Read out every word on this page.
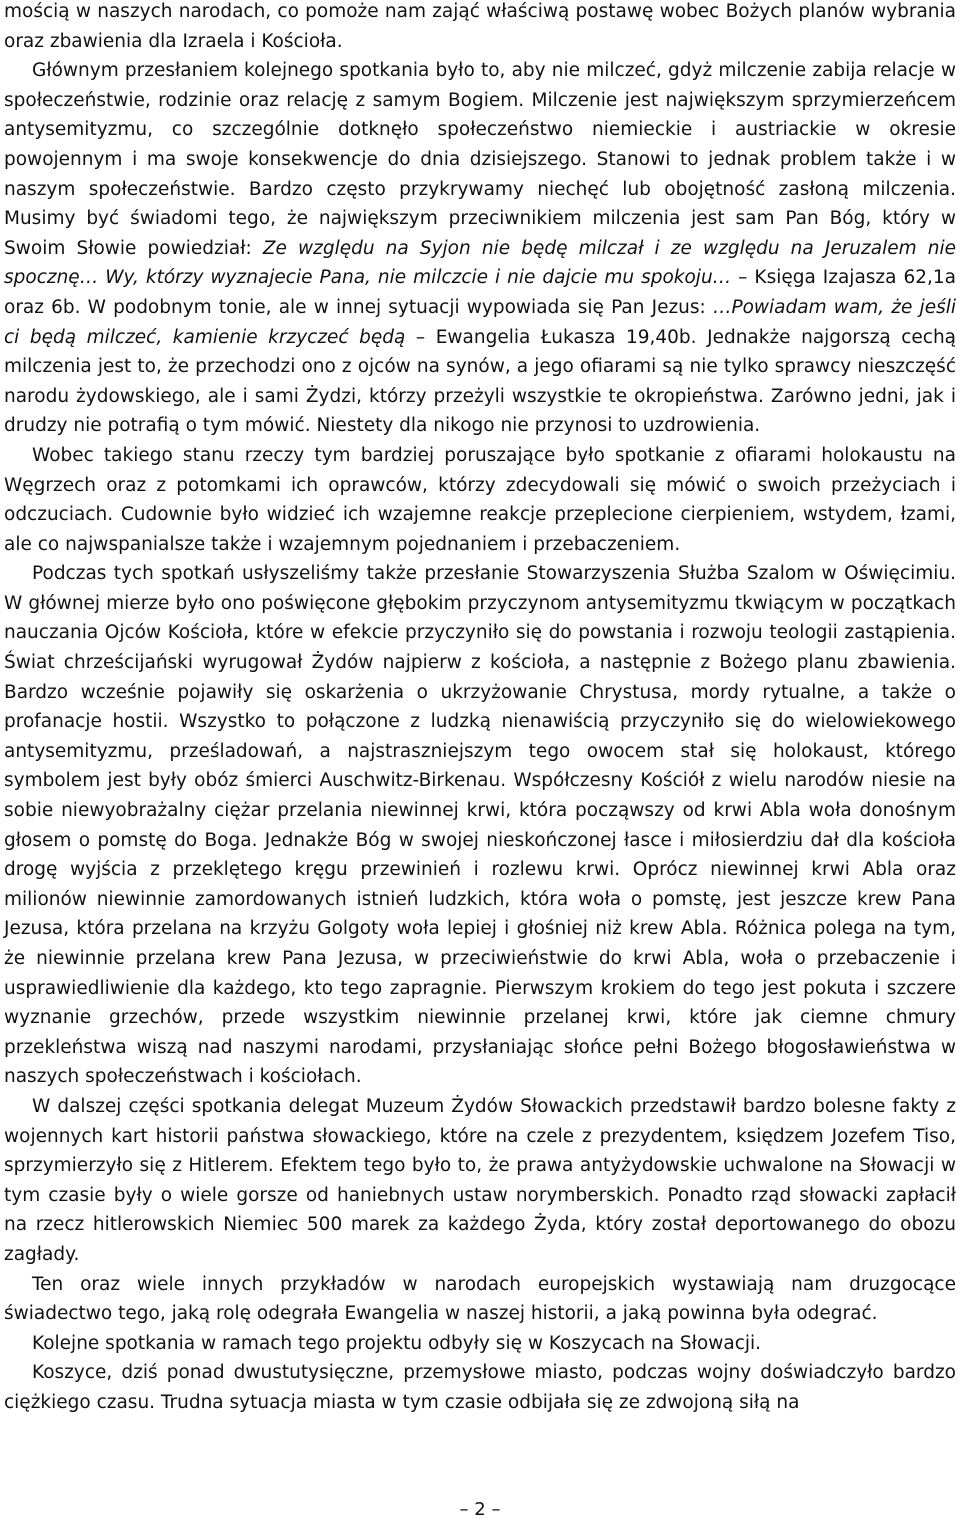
mością w naszych narodach, co pomoże nam zająć właściwą postawę wobec Bożych planów wybrania oraz zbawienia dla Izraela i Kościoła.
Głównym przesłaniem kolejnego spotkania było to, aby nie milczeć, gdyż milczenie zabija relacje w społeczeństwie, rodzinie oraz relację z samym Bogiem. Milczenie jest największym sprzymierzeńcem antysemityzmu, co szczególnie dotknęło społeczeństwo niemieckie i austriackie w okresie powojennym i ma swoje konsekwencje do dnia dzisiejszego. Stanowi to jednak problem także i w naszym społeczeństwie. Bardzo często przykrywamy niechęć lub obojętność zasłoną milczenia. Musimy być świadomi tego, że największym przeciwnikiem milczenia jest sam Pan Bóg, który w Swoim Słowie powiedział: Ze względu na Syjon nie będę milczał i ze względu na Jeruzalem nie spocznę… Wy, którzy wyznajecie Pana, nie milczcie i nie dajcie mu spokoju… – Księga Izajasza 62,1a oraz 6b. W podobnym tonie, ale w innej sytuacji wypowiada się Pan Jezus: …Powiadam wam, że jeśli ci będą milczeć, kamienie krzyczeć będą – Ewangelia Łukasza 19,40b. Jednakże najgorszą cechą milczenia jest to, że przechodzi ono z ojców na synów, a jego ofiarami są nie tylko sprawcy nieszczęść narodu żydowskiego, ale i sami Żydzi, którzy przeżyli wszystkie te okropieństwa. Zarówno jedni, jak i drudzy nie potrafią o tym mówić. Niestety dla nikogo nie przynosi to uzdrowienia.
Wobec takiego stanu rzeczy tym bardziej poruszające było spotkanie z ofiarami holokaustu na Węgrzech oraz z potomkami ich oprawców, którzy zdecydowali się mówić o swoich przeżyciach i odczuciach. Cudownie było widzieć ich wzajemne reakcje przeplecione cierpieniem, wstydem, łzami, ale co najwspanialsze także i wzajemnym pojednaniem i przebaczeniem.
Podczas tych spotkań usłyszeliśmy także przesłanie Stowarzyszenia Służba Szalom w Oświęcimiu. W głównej mierze było ono poświęcone głębokim przyczynom antysemityzmu tkwiącym w początkach nauczania Ojców Kościoła, które w efekcie przyczyniło się do powstania i rozwoju teologii zastąpienia. Świat chrześcijański wyrugował Żydów najpierw z kościoła, a następnie z Bożego planu zbawienia. Bardzo wcześnie pojawiły się oskarżenia o ukrzyżowanie Chrystusa, mordy rytualne, a także o profanacje hostii. Wszystko to połączone z ludzką nienawiścią przyczyniło się do wielowiekowego antysemityzmu, prześladowań, a najstraszniejszym tego owocem stał się holokaust, którego symbolem jest były obóz śmierci Auschwitz-Birkenau. Współczesny Kościół z wielu narodów niesie na sobie niewyobrażalny ciężar przelania niewinnej krwi, która począwszy od krwi Abla woła donośnym głosem o pomstę do Boga. Jednakże Bóg w swojej nieskończonej łasce i miłosierdziu dał dla kościoła drogę wyjścia z przeklętego kręgu przewinień i rozlewu krwi. Oprócz niewinnej krwi Abla oraz milionów niewinnie zamordowanych istnień ludzkich, która woła o pomstę, jest jeszcze krew Pana Jezusa, która przelana na krzyżu Golgoty woła lepiej i głośniej niż krew Abla. Różnica polega na tym, że niewinnie przelana krew Pana Jezusa, w przeciwieństwie do krwi Abla, woła o przebaczenie i usprawiedliwienie dla każdego, kto tego zapragnie. Pierwszym krokiem do tego jest pokuta i szczere wyznanie grzechów, przede wszystkim niewinnie przelanej krwi, które jak ciemne chmury przekleństwa wiszą nad naszymi narodami, przysłaniając słońce pełni Bożego błogosławieństwa w naszych społeczeństwach i kościołach.
W dalszej części spotkania delegat Muzeum Żydów Słowackich przedstawił bardzo bolesne fakty z wojennych kart historii państwa słowackiego, które na czele z prezydentem, księdzem Jozefem Tiso, sprzymierzyło się z Hitlerem. Efektem tego było to, że prawa antyżydowskie uchwalone na Słowacji w tym czasie były o wiele gorsze od haniebnych ustaw norymberskich. Ponadto rząd słowacki zapłacił na rzecz hitlerowskich Niemiec 500 marek za każdego Żyda, który został deportowanego do obozu zagłady.
Ten oraz wiele innych przykładów w narodach europejskich wystawiają nam druzgocące świadectwo tego, jaką rolę odegrała Ewangelia w naszej historii, a jaką powinna była odegrać.
Kolejne spotkania w ramach tego projektu odbyły się w Koszycach na Słowacji.
Koszyce, dziś ponad dwustutysięczne, przemysłowe miasto, podczas wojny doświadczyło bardzo ciężkiego czasu. Trudna sytuacja miasta w tym czasie odbijała się ze zdwojoną siłą na
– 2 –
